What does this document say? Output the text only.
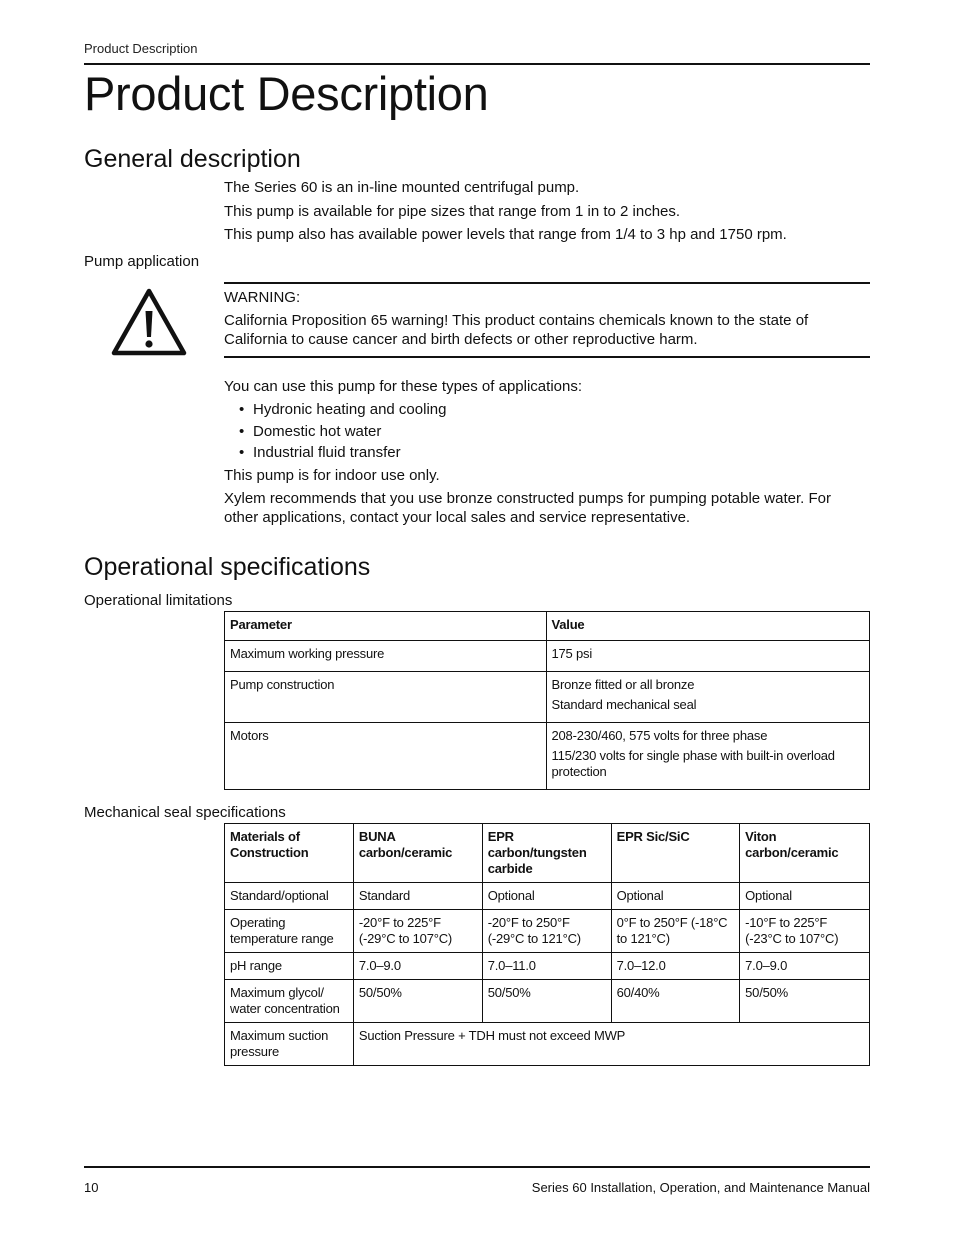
Product Description
Product Description
General description

The Series 60 is an in-line mounted centrifugal pump.

This pump is available for pipe sizes that range from 1 in to 2 inches.

This pump also has available power levels that range from 1/4 to 3 hp and 1750 rpm.

Pump application
WARNING:
California Proposition 65 warning! This product contains chemicals known to the state of California to cause cancer and birth defects or other reproductive harm.

You can use this pump for these types of applications:

• Hydronic heating and cooling
• Domestic hot water
• Industrial fluid transfer

This pump is for indoor use only.

Xylem recommends that you use bronze constructed pumps for pumping potable water. For other applications, contact your local sales and service representative.

Operational specifications
Operational limitations
Parameter	Value
Maximum working pressure	175 psi
Pump construction	Bronze fitted or all bronze
Standard mechanical seal

Motors	208-230/460, 575 volts for three phase
115/230 volts for single phase with built-in overload protection
Mechanical seal specifications
Materials of Construction	BUNA carbon/ceramic	EPR carbon/tungsten carbide	EPR Sic/SiC	Viton carbon/ceramic
Standard/optional	Standard	Optional	Optional	Optional
Operating temperature range	-20°F to 225°F (-29°C to 107°C)	-20°F to 250°F (-29°C to 121°C)	0°F to 250°F (-18°C to 121°C)	-10°F to 225°F (-23°C to 107°C)
pH range	7.0–9.0	7.0–11.0	7.0–12.0	7.0–9.0
Maximum glycol/ water concentration	50/50%	50/50%	60/40%	50/50%
Maximum suction pressure	Suction Pressure + TDH must not exceed MWP			
10	Series 60 Installation, Operation, and Maintenance Manual
